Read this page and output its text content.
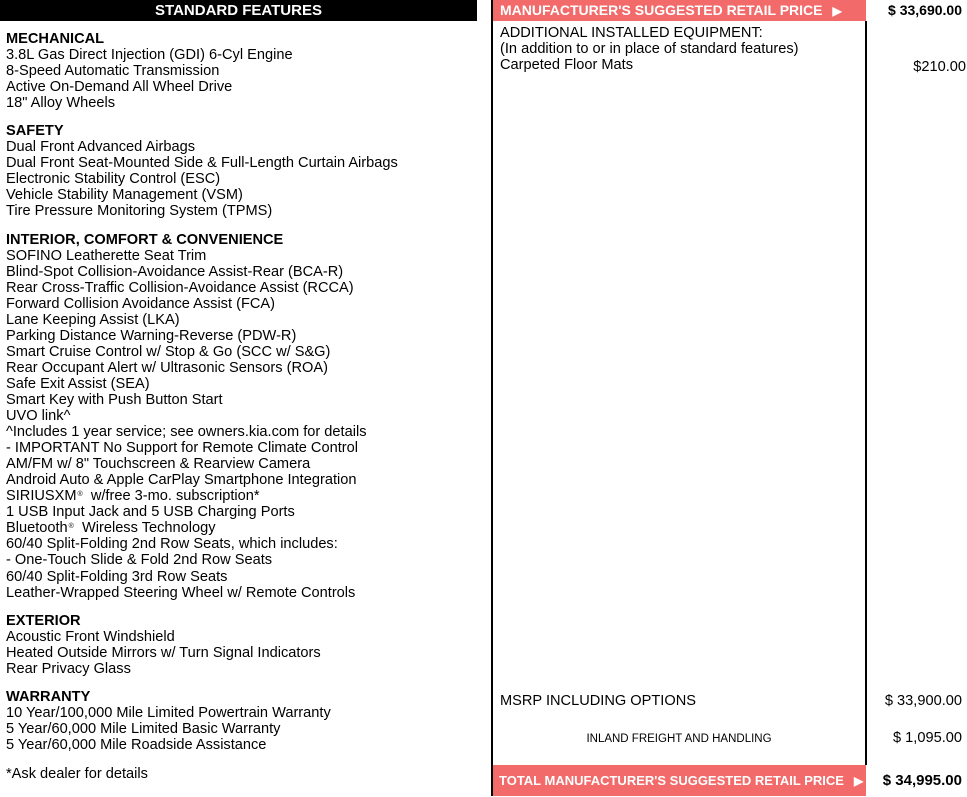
STANDARD FEATURES
MECHANICAL
3.8L Gas Direct Injection (GDI) 6-Cyl Engine
8-Speed Automatic Transmission
Active On-Demand All Wheel Drive
18" Alloy Wheels
SAFETY
Dual Front Advanced Airbags
Dual Front Seat-Mounted Side & Full-Length Curtain Airbags
Electronic Stability Control (ESC)
Vehicle Stability Management (VSM)
Tire Pressure Monitoring System (TPMS)
INTERIOR, COMFORT & CONVENIENCE
SOFINO Leatherette Seat Trim
Blind-Spot Collision-Avoidance Assist-Rear (BCA-R)
Rear Cross-Traffic Collision-Avoidance Assist (RCCA)
Forward Collision Avoidance Assist (FCA)
Lane Keeping Assist (LKA)
Parking Distance Warning-Reverse (PDW-R)
Smart Cruise Control w/ Stop & Go (SCC w/ S&G)
Rear Occupant Alert w/ Ultrasonic Sensors (ROA)
Safe Exit Assist (SEA)
Smart Key with Push Button Start
UVO link^
^Includes 1 year service; see owners.kia.com for details
- IMPORTANT No Support for Remote Climate Control
AM/FM w/ 8" Touchscreen & Rearview Camera
Android Auto & Apple CarPlay Smartphone Integration
SIRIUSXM®  w/free 3-mo. subscription*
1 USB Input Jack and 5 USB Charging Ports
Bluetooth®  Wireless Technology
60/40 Split-Folding 2nd Row Seats, which includes:
- One-Touch Slide & Fold 2nd Row Seats
60/40 Split-Folding 3rd Row Seats
Leather-Wrapped Steering Wheel w/ Remote Controls
EXTERIOR
Acoustic Front Windshield
Heated Outside Mirrors w/ Turn Signal Indicators
Rear Privacy Glass
WARRANTY
10 Year/100,000 Mile Limited Powertrain Warranty
5 Year/60,000 Mile Limited Basic Warranty
5 Year/60,000 Mile Roadside Assistance
*Ask dealer for details
MANUFACTURER'S SUGGESTED RETAIL PRICE ▶	$ 33,690.00
ADDITIONAL INSTALLED EQUIPMENT:
(In addition to or in place of standard features)
Carpeted Floor Mats	$210.00
MSRP INCLUDING OPTIONS	$ 33,900.00
INLAND FREIGHT AND HANDLING	$ 1,095.00
TOTAL MANUFACTURER'S SUGGESTED RETAIL PRICE ▶	$ 34,995.00
